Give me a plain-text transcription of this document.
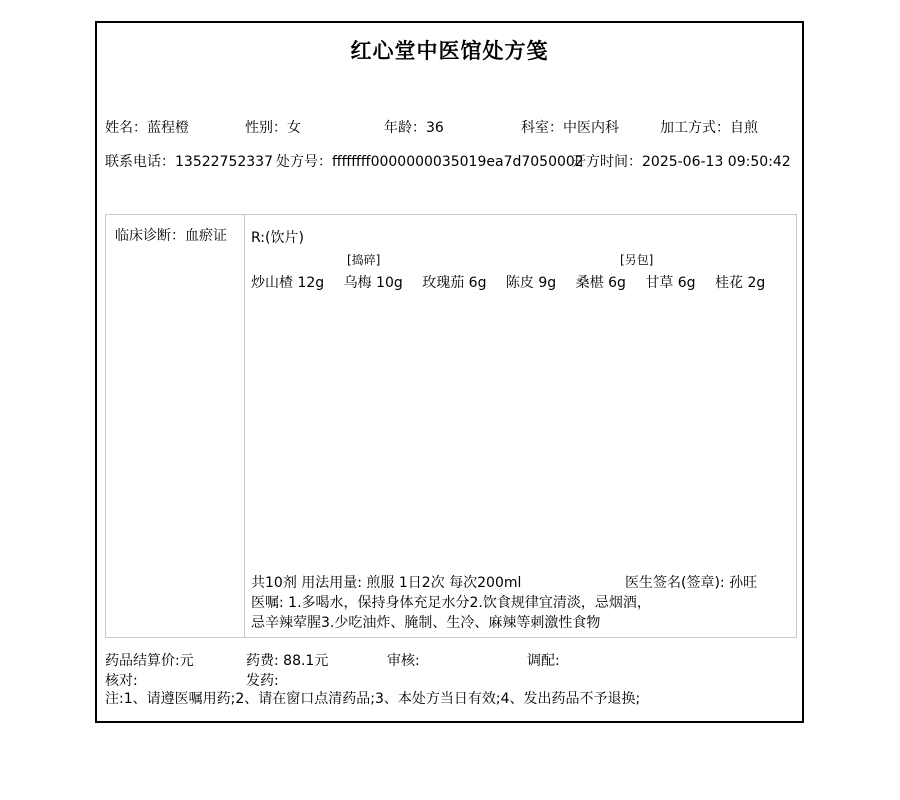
红心堂中医馆处方笺
姓名：蓝程橙	性别：女	年龄：36	科室：中医内科	加工方式：自煎
联系电话：13522752337 处方号：ffffffff0000000035019ea7d7050002
开方时间：2025-06-13 09:50:42
临床诊断：血瘀证	R:(饮片)
[捣碎]	[另包]
炒山楂 12g 乌梅 10g 玫瑰茄 6g 陈皮 9g 桑椹 6g 甘草 6g 桂花 2g
共10剂 用法用量: 煎服 1日2次 每次200ml	医生签名(签章): 孙旺
医嘱: 1.多喝水，保持身体充足水分2.饮食规律宜清淡，忌烟酒，
忌辛辣荤腥3.少吃油炸、腌制、生冷、麻辣等刺激性食物
药品结算价:元	药费: 88.1元	审核:	调配:
核对:	发药:
注:1、请遵医嘱用药;2、请在窗口点清药品;3、本处方当日有效;4、发出药品不予退换;
